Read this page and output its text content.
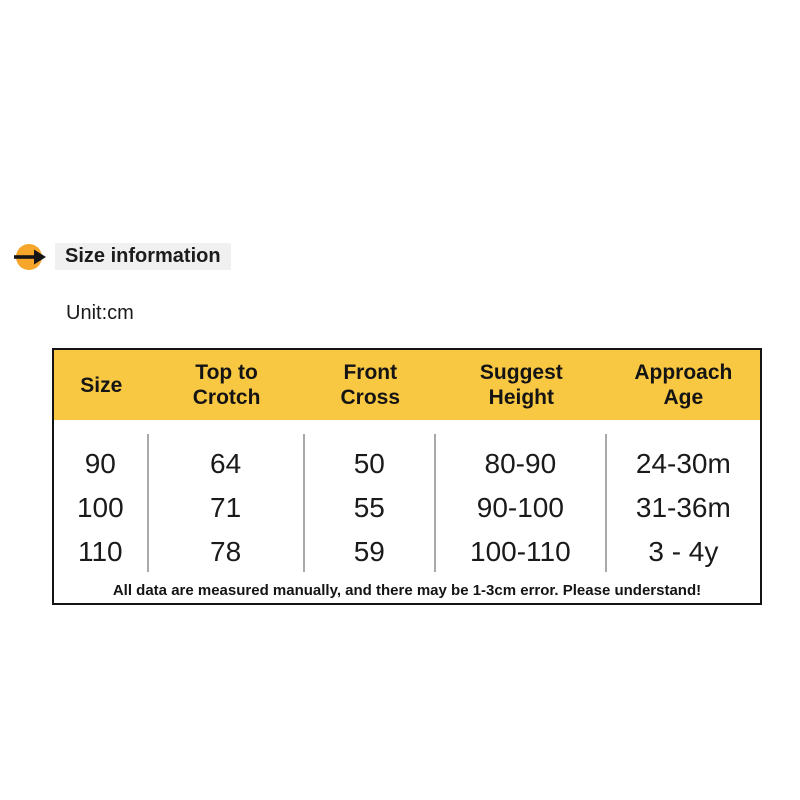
Size information
Unit:cm
Size
Top to Crotch
Front Cross
Suggest Height
Approach Age
90
100
110
64
71
78
50
55
59
80-90
90-100
100-110
24-30m
31-36m
3 - 4y
All data are measured manually, and there may be 1-3cm error. Please understand!
